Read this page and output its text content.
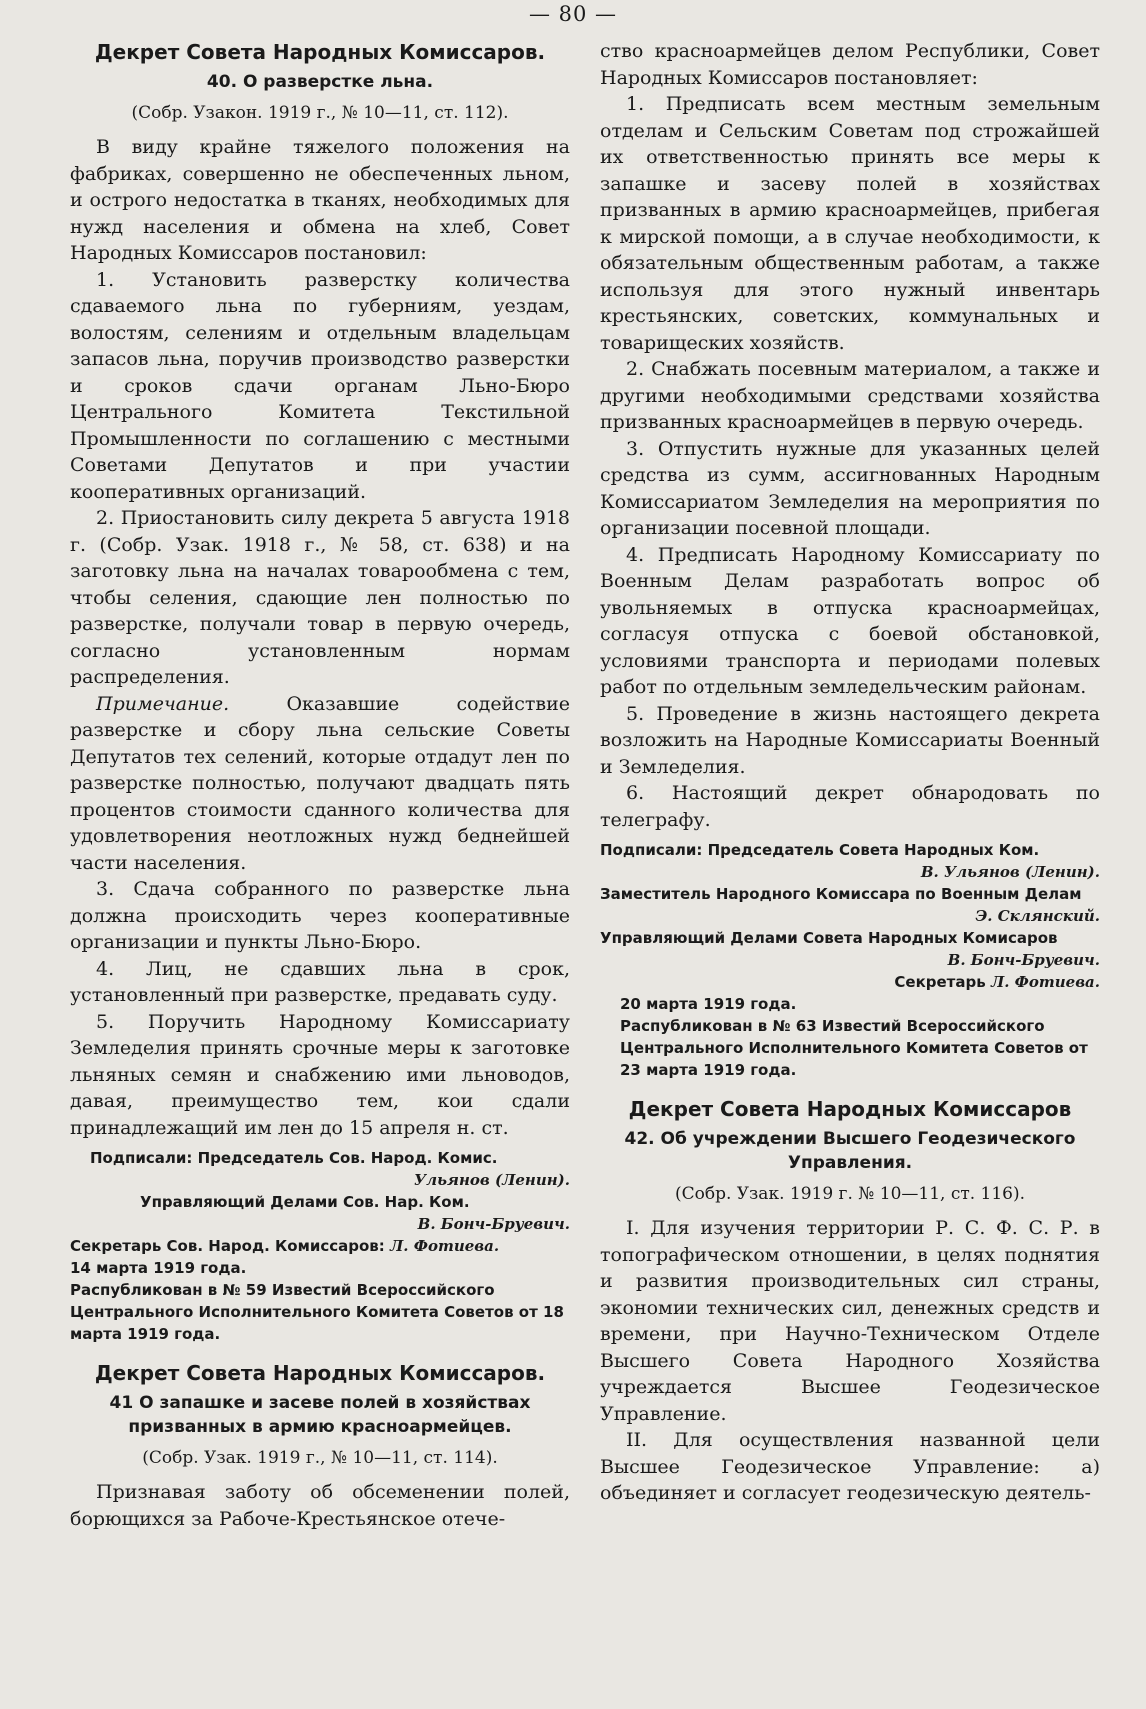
— 80 —
Декрет Совета Народных Комиссаров.
40. О разверстке льна.
(Собр. Узакон. 1919 г., № 10—11, ст. 112).

В виду крайне тяжелого положения на фабриках, совершенно не обеспеченных льном, и острого недостатка в тканях, необходимых для нужд населения и обмена на хлеб, Совет Народных Комиссаров постановил:

1. Установить разверстку количества сдаваемого льна по губерниям, уездам, волостям, селениям и отдельным владельцам запасов льна, поручив производство разверстки и сроков сдачи органам Льно-Бюро Центрального Комитета Текстильной Промышленности по соглашению с местными Советами Депутатов и при участии кооперативных организаций.

2. Приостановить силу декрета 5 августа 1918 г. (Собр. Узак. 1918 г., № 58, ст. 638) и на заготовку льна на началах товарообмена с тем, чтобы селения, сдающие лен полностью по разверстке, получали товар в первую очередь, согласно установленным нормам распределения.

Примечание.	Оказавшие содействие разверстке и сбору льна сельские Советы Депутатов тех селений, которые отдадут лен по разверстке полностью, получают двадцать пять процентов стоимости сданного количества для удовлетворения неотложных нужд беднейшей части населения.

3. Сдача собранного по разверстке льна должна происходить через кооперативные организации и пункты Льно-Бюро.

4. Лиц, не сдавших льна в срок, установленный при разверстке, предавать суду.

5. Поручить Народному Комиссариату Земледелия принять срочные меры к заготовке льняных семян и снабжению ими льноводов, давая, преимущество тем, кои сдали принадлежащий им лен до 15 апреля н. ст.

Подписали: Председатель Сов. Народ. Комис.
Ульянов (Ленин).
Управляющий Делами Сов. Нар. Ком.
В. Бонч-Бруевич.
Секретарь Сов. Народ. Комиссаров: Л. Фотиева.
14 марта 1919 года.
Распубликован в № 59 Известий Всероссийского Центрального Исполнительного Комитета Советов от 18 марта 1919 года.
Декрет Совета Народных Комиссаров.
41 О запашке и засеве полей в хозяйствах призванных в армию красноармейцев.
(Собр. Узак. 1919 г., № 10—11, ст. 114).

Признавая заботу об обсеменении полей, борющихся за Рабоче-Крестьянское отече-

ство красноармейцев делом Республики, Совет Народных Комиссаров постановляет:

1. Предписать всем местным земельным отделам и Сельским Советам под строжайшей их ответственностью принять все меры к запашке и засеву полей в хозяйствах призванных в армию красноармейцев, прибегая к мирской помощи, а в случае необходимости, к обязательным общественным работам, а также используя для этого нужный инвентарь крестьянских, советских, коммунальных и товарищеских хозяйств.

2. Снабжать посевным материалом, а также и другими необходимыми средствами хозяйства призванных красноармейцев в первую очередь.

3. Отпустить нужные для указанных целей средства из сумм, ассигнованных Народным Комиссариатом Земледелия на мероприятия по организации посевной площади.

4. Предписать Народному Комиссариату по Военным Делам разработать вопрос об увольняемых в отпуска красноармейцах, согласуя отпуска с боевой обстановкой, условиями транспорта и периодами полевых работ по отдельным земледельческим районам.

5. Проведение в жизнь настоящего декрета возложить на Народные Комиссариаты Военный и Земледелия.

6. Настоящий декрет обнародовать по телеграфу.

Подписали: Председатель Совета Народных Ком.
В. Ульянов (Ленин).
Заместитель Народного Комиссара по Военным Делам
Э. Склянский.
Управляющий Делами Совета Народных Комисаров
В. Бонч-Бруевич.
Секретарь Л. Фотиева.
20 марта 1919 года.
Распубликован в № 63 Известий Всероссийского Центрального Исполнительного Комитета Советов от 23 марта 1919 года.
Декрет Совета Народных Комиссаров
42. Об учреждении Высшего Геодезического Управления.
(Собр. Узак. 1919 г. № 10—11, ст. 116).

I. Для изучения территории Р. С. Ф. С. Р. в топографическом отношении, в целях поднятия и развития производительных сил страны, экономии технических сил, денежных средств и времени, при Научно-Техническом Отделе Высшего Совета Народного Хозяйства учреждается Высшее Геодезическое Управление.

II. Для осуществления названной цели Высшее Геодезическое Управление: а) объединяет и согласует геодезическую деятель-
